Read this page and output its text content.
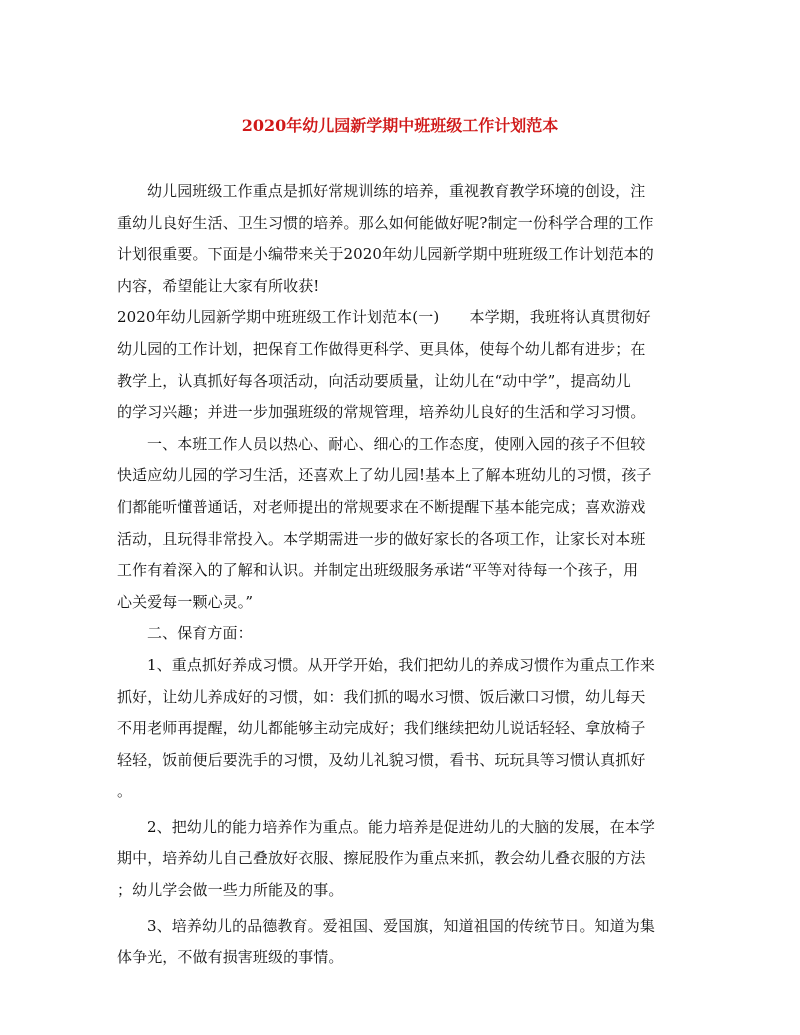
2020年幼儿园新学期中班班级工作计划范本
幼儿园班级工作重点是抓好常规训练的培养，重视教育教学环境的创设，注
重幼儿良好生活、卫生习惯的培养。那么如何能做好呢?制定一份科学合理的工作
计划很重要。下面是小编带来关于2020年幼儿园新学期中班班级工作计划范本的
内容，希望能让大家有所收获!
2020年幼儿园新学期中班班级工作计划范本(一)　　本学期，我班将认真贯彻好
幼儿园的工作计划，把保育工作做得更科学、更具体，使每个幼儿都有进步；在
教学上，认真抓好每各项活动，向活动要质量，让幼儿在“动中学”，提高幼儿
的学习兴趣；并进一步加强班级的常规管理，培养幼儿良好的生活和学习习惯。
一、本班工作人员以热心、耐心、细心的工作态度，使刚入园的孩子不但较
快适应幼儿园的学习生活，还喜欢上了幼儿园!基本上了解本班幼儿的习惯，孩子
们都能听懂普通话，对老师提出的常规要求在不断提醒下基本能完成；喜欢游戏
活动，且玩得非常投入。本学期需进一步的做好家长的各项工作，让家长对本班
工作有着深入的了解和认识。并制定出班级服务承诺“平等对待每一个孩子，用
心关爱每一颗心灵。”
二、保育方面：
1、重点抓好养成习惯。从开学开始，我们把幼儿的养成习惯作为重点工作来
抓好，让幼儿养成好的习惯，如：我们抓的喝水习惯、饭后漱口习惯，幼儿每天
不用老师再提醒，幼儿都能够主动完成好；我们继续把幼儿说话轻轻、拿放椅子
轻轻，饭前便后要洗手的习惯，及幼儿礼貌习惯，看书、玩玩具等习惯认真抓好
。
2、把幼儿的能力培养作为重点。能力培养是促进幼儿的大脑的发展，在本学
期中，培养幼儿自己叠放好衣服、擦屁股作为重点来抓，教会幼儿叠衣服的方法
；幼儿学会做一些力所能及的事。
3、培养幼儿的品德教育。爱祖国、爱国旗，知道祖国的传统节日。知道为集
体争光，不做有损害班级的事情。
